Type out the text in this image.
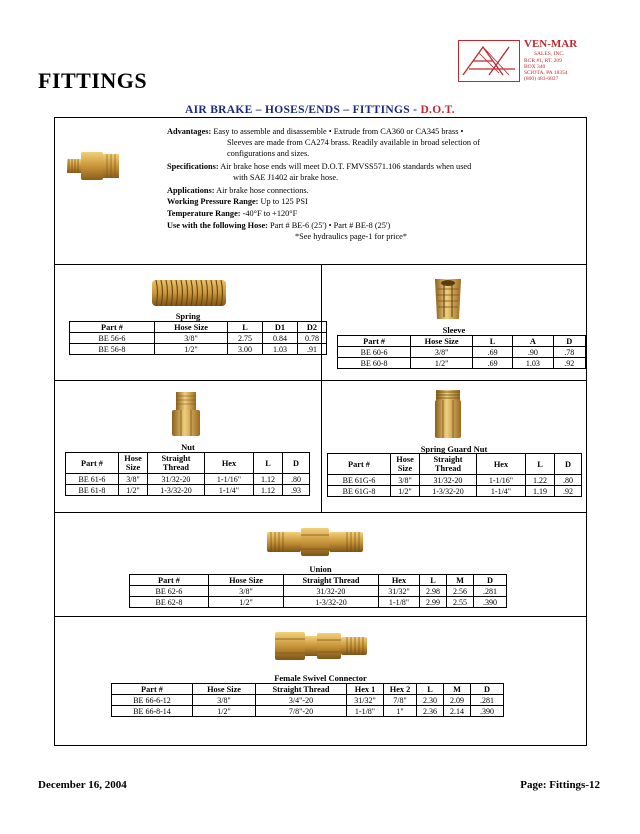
FITTINGS
VEN-MAR
SALES, INC.
RCR #1, RT. 209
BOX 340
SCIOTA, PA 18354
(800) 483-6827
AIR BRAKE – HOSES/ENDS – FITTINGS - D.O.T.
Advantages: Easy to assemble and disassemble • Extrude from CA360 or CA345 brass •
Sleeves are made from CA274 brass. Readily available in broad selection of
configurations and sizes.
Specifications: Air brake hose ends will meet D.O.T. FMVSS571.106 standards when used
with SAE J1402 air brake hose.
Applications: Air brake hose connections.
Working Pressure Range: Up to 125 PSI
Temperature Range: -40°F to +120°F
Use with the following Hose: Part # BE-6 (25') • Part # BE-8 (25')
*See hydraulics page-1 for price*
Spring
Part #	Hose Size	L	D1	D2
BE 56-6	3/8"	2.75	0.84	0.78
BE 56-8	1/2"	3.00	1.03	.91
Sleeve
Part #	Hose Size	L	A	D
BE 60-6	3/8"	.69	.90	.78
BE 60-8	1/2"	.69	1.03	.92
Nut
Part #	Hose Size	Straight Thread	Hex	L	D
BE 61-6	3/8"	31/32-20	1-1/16"	1.12	.80
BE 61-8	1/2"	1-3/32-20	1-1/4"	1.12	.93
Spring Guard Nut
Part #	Hose Size	Straight Thread	Hex	L	D
BE 61G-6	3/8"	31/32-20	1-1/16"	1.22	.80
BE 61G-8	1/2"	1-3/32-20	1-1/4"	1.19	.92
Union
Part #	Hose Size	Straight Thread	Hex	L	M	D
BE 62-6	3/8"	31/32-20	31/32"	2.98	2.56	.281
BE 62-8	1/2"	1-3/32-20	1-1/8"	2.99	2.55	.390
Female Swivel Connector
Part #	Hose Size	Straight Thread	Hex 1	Hex 2	L	M	D
BE 66-6-12	3/8"	3/4"-20	31/32"	7/8"	2.30	2.09	.281
BE 66-8-14	1/2"	7/8"-20	1-1/8"	1"	2.36	2.14	.390
December 16, 2004	Page: Fittings-12
